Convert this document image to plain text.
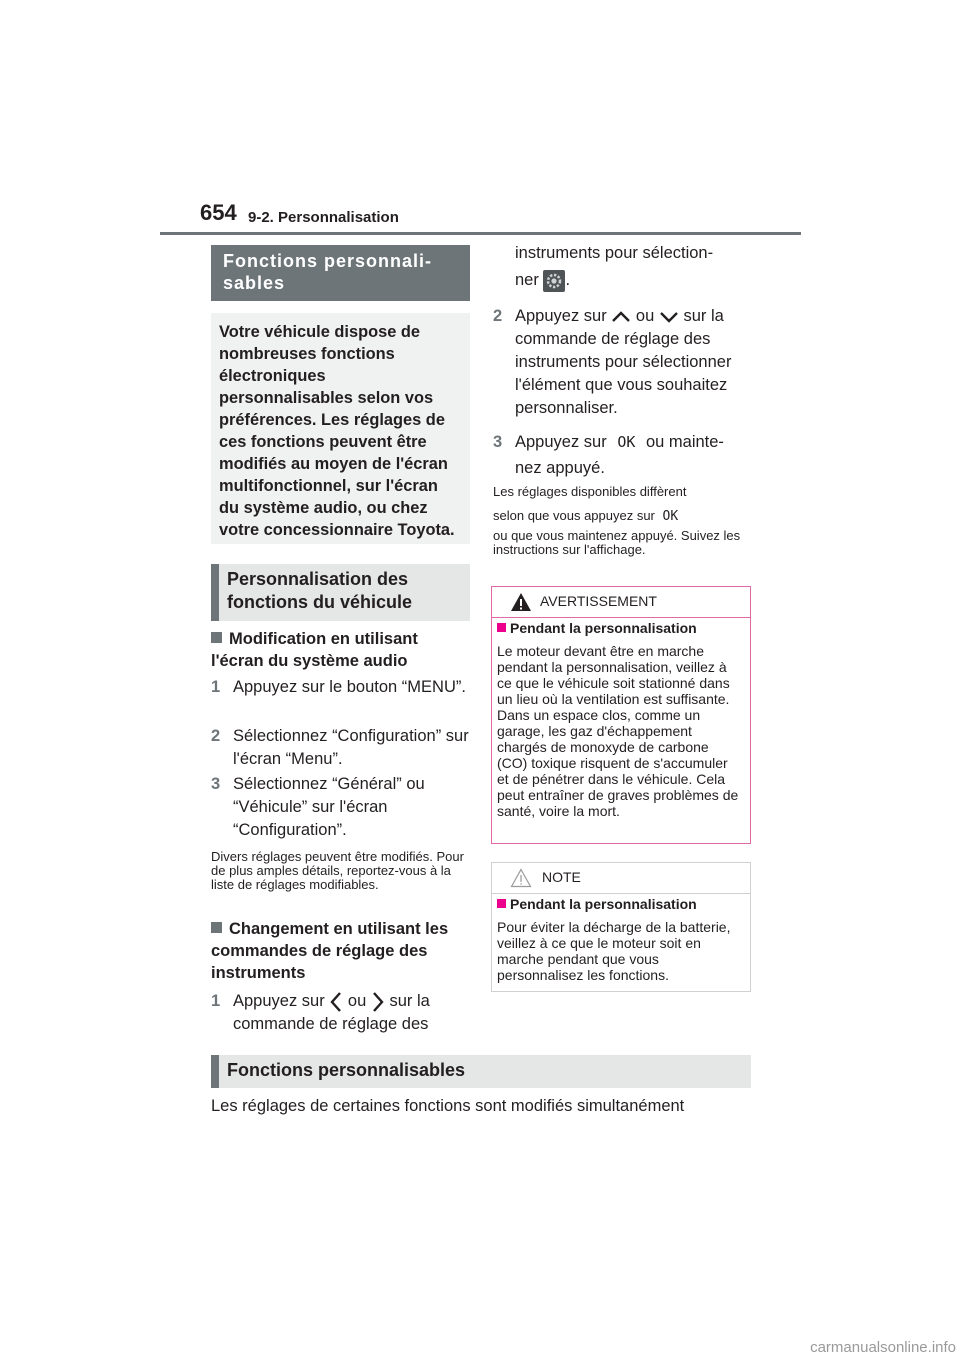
654 9-2. Personnalisation
Fonctions personnali-sables
Votre véhicule dispose de nombreuses fonctions électroniques personnalisables selon vos préférences. Les réglages de ces fonctions peuvent être modifiés au moyen de l'écran multifonctionnel, sur l'écran du système audio, ou chez votre concessionnaire Toyota.
Personnalisation des fonctions du véhicule
Modification en utilisant l'écran du système audio
1 Appuyez sur le bouton “MENU”.
2 Sélectionnez “Configuration” sur l'écran “Menu”.
3 Sélectionnez “Général” ou “Véhicule” sur l'écran “Configuration”.
Divers réglages peuvent être modifiés. Pour de plus amples détails, reportez-vous à la liste de réglages modifiables.
Changement en utilisant les commandes de réglage des instruments
1 Appuyez sur ou sur la
commande de réglage des
instruments pour sélection-
ner .
2 Appuyez sur ou sur la commande de réglage des instruments pour sélectionner l'élément que vous souhaitez personnaliser.
3 Appuyez sur OK ou mainte-
nez appuyé.
Les réglages disponibles diffèrent
selon que vous appuyez sur OK
ou que vous maintenez appuyé. Suivez les instructions sur l'affichage.
AVERTISSEMENT
Pendant la personnalisation
Le moteur devant être en marche pendant la personnalisation, veillez à ce que le véhicule soit stationné dans un lieu où la ventilation est suffisante. Dans un espace clos, comme un garage, les gaz d'échappement chargés de monoxyde de carbone (CO) toxique risquent de s'accumuler et de pénétrer dans le véhicule. Cela peut entraîner de graves problèmes de santé, voire la mort.
NOTE
Pendant la personnalisation
Pour éviter la décharge de la batterie, veillez à ce que le moteur soit en marche pendant que vous personnalisez les fonctions.
Fonctions personnalisables
Les réglages de certaines fonctions sont modifiés simultanément
carmanualsonline.info
